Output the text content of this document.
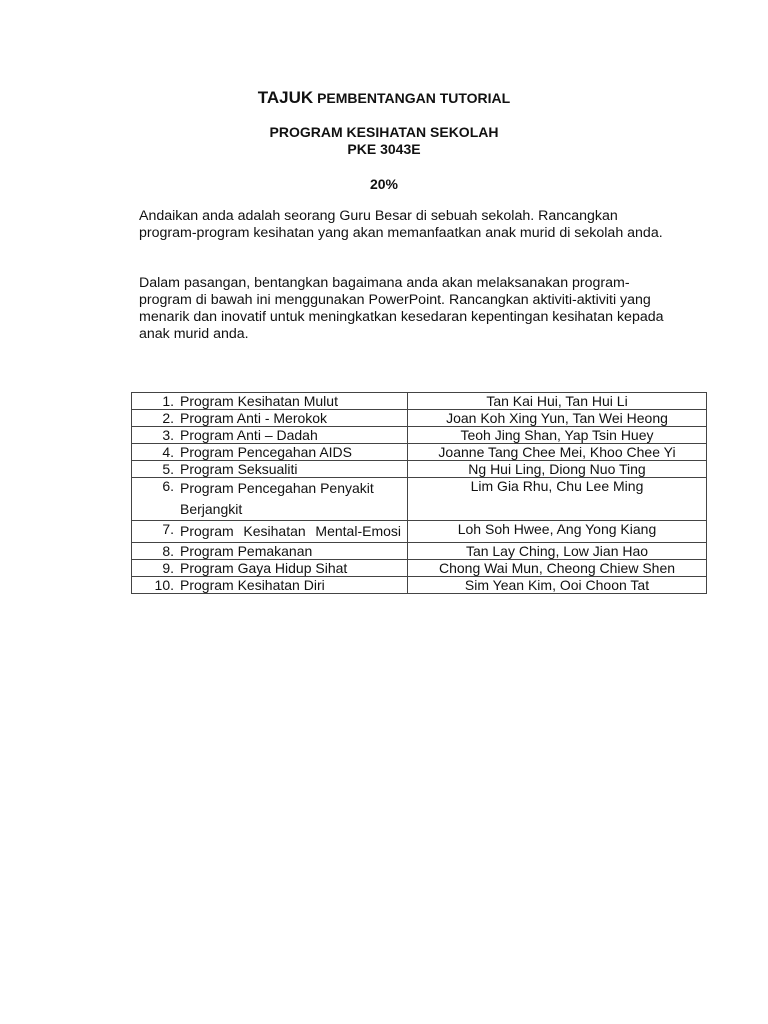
TAJUK PEMBENTANGAN TUTORIAL
PROGRAM KESIHATAN SEKOLAH
PKE 3043E
20%
Andaikan anda adalah seorang Guru Besar di sebuah sekolah. Rancangkan program-program kesihatan yang akan memanfaatkan anak murid di sekolah anda.
Dalam pasangan, bentangkan bagaimana anda akan melaksanakan program-program di bawah ini menggunakan PowerPoint. Rancangkan aktiviti-aktiviti yang menarik dan inovatif untuk meningkatkan kesedaran kepentingan kesihatan kepada anak murid anda.
1. Program Kesihatan Mulut	Tan Kai Hui, Tan Hui Li

2. Program Anti - Merokok	Joan Koh Xing Yun, Tan Wei Heong

3. Program Anti – Dadah	Teoh Jing Shan, Yap Tsin Huey

4. Program Pencegahan AIDS	Joanne Tang Chee Mei, Khoo Chee Yi

5. Program Seksualiti	Ng Hui Ling, Diong Nuo Ting

6. Program Pencegahan Penyakit Berjangkit	Lim Gia Rhu, Chu Lee Ming

7. Program Kesihatan Mental-Emosi	Loh Soh Hwee, Ang Yong Kiang

8. Program Pemakanan	Tan Lay Ching, Low Jian Hao

9. Program Gaya Hidup Sihat	Chong Wai Mun, Cheong Chiew Shen

10. Program Kesihatan Diri	Sim Yean Kim, Ooi Choon Tat
